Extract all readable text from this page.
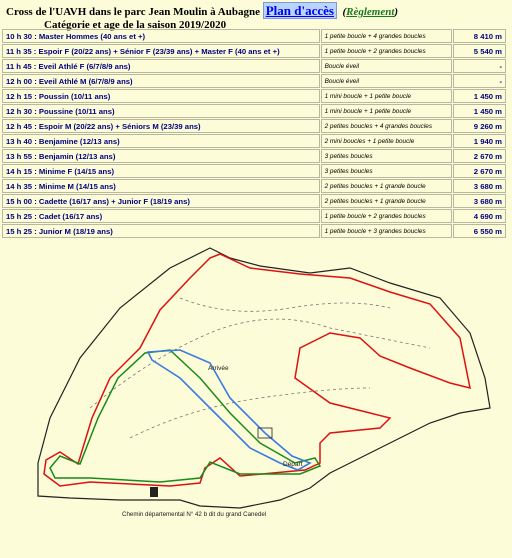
Cross de l'UAVH dans le parc Jean Moulin à Aubagne Plan d'accès  (Règlement)
Catégorie et age de la saison 2019/2020
10 h 30 : Master Hommes (40 ans et +)	1 petite boucle + 4 grandes boucles	8 410 m
11 h 35 : Espoir F (20/22 ans) + Sénior F (23/39 ans) + Master F (40 ans et +)	1 petite boucle + 2 grandes boucles	5 540 m
11 h 45 : Eveil Athlé F (6/7/8/9 ans)	Boucle éveil	-
12 h 00 : Eveil Athlé M (6/7/8/9 ans)	Boucle éveil	-
12 h 15 : Poussin (10/11 ans)	1 mini boucle + 1 petite boucle	1 450 m
12 h 30 : Poussine (10/11 ans)	1 mini boucle + 1 petite boucle	1 450 m
12 h 45 : Espoir M (20/22 ans) + Séniors M (23/39 ans)	2 petites boucles + 4 grandes boucles	9 260 m
13 h 40 : Benjamine (12/13 ans)	2 mini boucles + 1 petite boucle	1 940 m
13 h 55 : Benjamin (12/13 ans)	3 petites boucles	2 670 m
14 h 15 : Minime F (14/15 ans)	3 petites boucles	2 670 m
14 h 35 : Minime M (14/15 ans)	2 petites boucles + 1 grande boucle	3 680 m
15 h 00 : Cadette (16/17 ans) + Junior F (18/19 ans)	2 petites boucles + 1 grande boucle	3 680 m
15 h 25 : Cadet (16/17 ans)	1 petite boucle + 2 grandes boucles	4 690 m
15 h 25 : Junior M (18/19 ans)	1 petite boucle + 3 grandes boucles	6 550 m
Mini Boucle
PetiteBoucle
GrandeBoucle
Arrivée
Départ
Chemin départemental N° 42 b dit du grand Canedel
